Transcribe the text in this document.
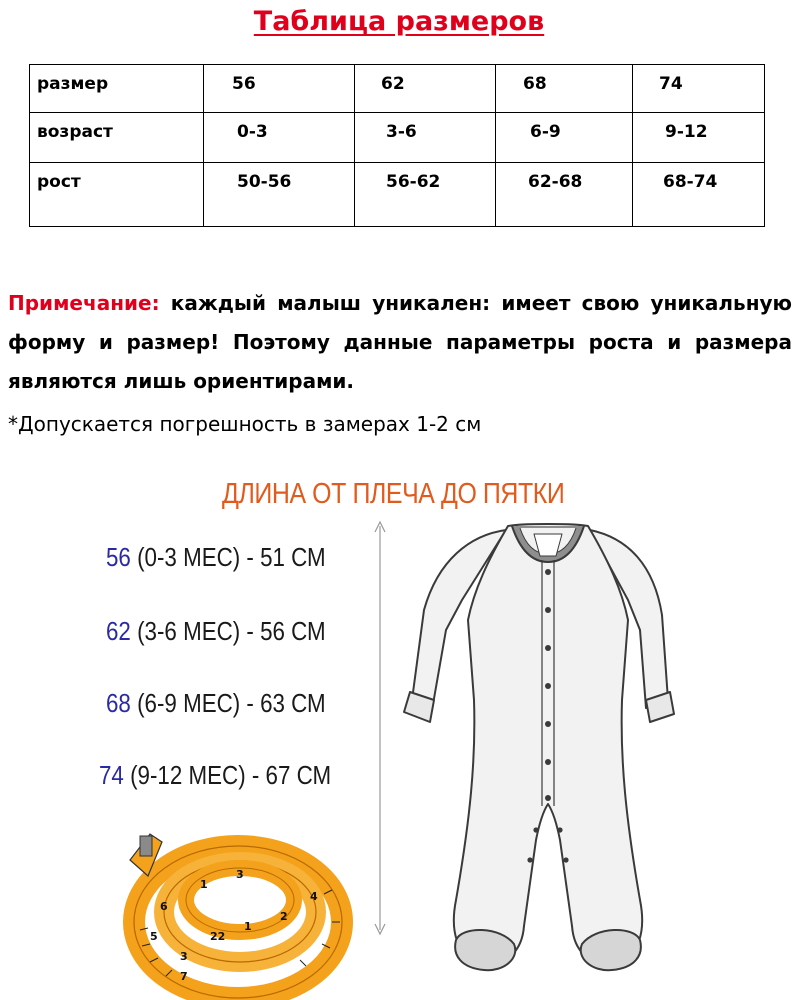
Таблица размеров
размер	56	62	68	74
возраст	0-3	3-6	6-9	9-12
рост	50-56	56-62	62-68	68-74
Примечание: каждый малыш уникален: имеет свою уникальную форму и размер! Поэтому данные параметры роста и размера являются лишь ориентирами.
*Допускается погрешность в замерах 1-2 см
ДЛИНА ОТ ПЛЕЧА ДО ПЯТКИ
56 (0-3 МЕС) - 51 СМ
62 (3-6 МЕС) - 56 СМ
68 (6-9 МЕС) - 63 СМ
74 (9-12 МЕС) - 67 СМ
3
22
1
2
4
1
3
6
5
7
